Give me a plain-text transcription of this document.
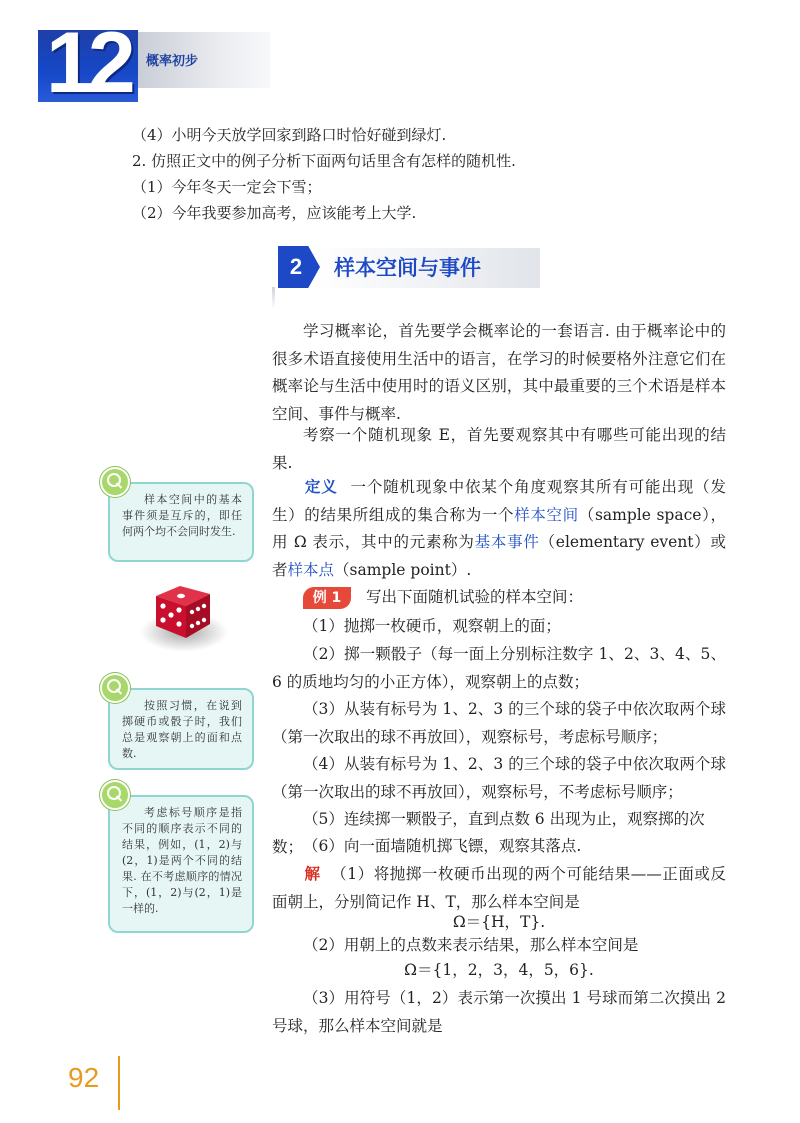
12	概率初步
（4）小明今天放学回家到路口时恰好碰到绿灯.
2. 仿照正文中的例子分析下面两句话里含有怎样的随机性.
（1）今年冬天一定会下雪；
（2）今年我要参加高考，应该能考上大学.
2 样本空间与事件
学习概率论，首先要学会概率论的一套语言. 由于概率论中的很多术语直接使用生活中的语言，在学习的时候要格外注意它们在概率论与生活中使用时的语义区别，其中最重要的三个术语是样本空间、事件与概率.
考察一个随机现象 E，首先要观察其中有哪些可能出现的结果.
定义 一个随机现象中依某个角度观察其所有可能出现（发生）的结果所组成的集合称为一个样本空间（sample space），用 Ω 表示，其中的元素称为基本事件（elementary event）或者样本点（sample point）.
例 1	写出下面随机试验的样本空间：
（1）抛掷一枚硬币，观察朝上的面；
（2）掷一颗骰子（每一面上分别标注数字 1、2、3、4、5、6 的质地均匀的小正方体），观察朝上的点数；
（3）从装有标号为 1、2、3 的三个球的袋子中依次取两个球（第一次取出的球不再放回），观察标号，考虑标号顺序；
（4）从装有标号为 1、2、3 的三个球的袋子中依次取两个球（第一次取出的球不再放回），观察标号，不考虑标号顺序；
（5）连续掷一颗骰子，直到点数 6 出现为止，观察掷的次数； （6）向一面墙随机掷飞镖，观察其落点.
解 （1）将抛掷一枚硬币出现的两个可能结果——正面或反面朝上，分别简记作 H、T，那么样本空间是
Ω＝{H，T}.
（2）用朝上的点数来表示结果，那么样本空间是
Ω＝{1，2，3，4，5，6}.
（3）用符号（1，2）表示第一次摸出 1 号球而第二次摸出 2 号球，那么样本空间就是
样本空间中的基本事件须是互斥的，即任何两个均不会同时发生.
按照习惯，在说到掷硬币或骰子时，我们总是观察朝上的面和点数.
考虑标号顺序是指不同的顺序表示不同的结果，例如，(1，2)与(2，1)是两个不同的结果. 在不考虑顺序的情况下，(1，2)与(2，1)是一样的.
92
